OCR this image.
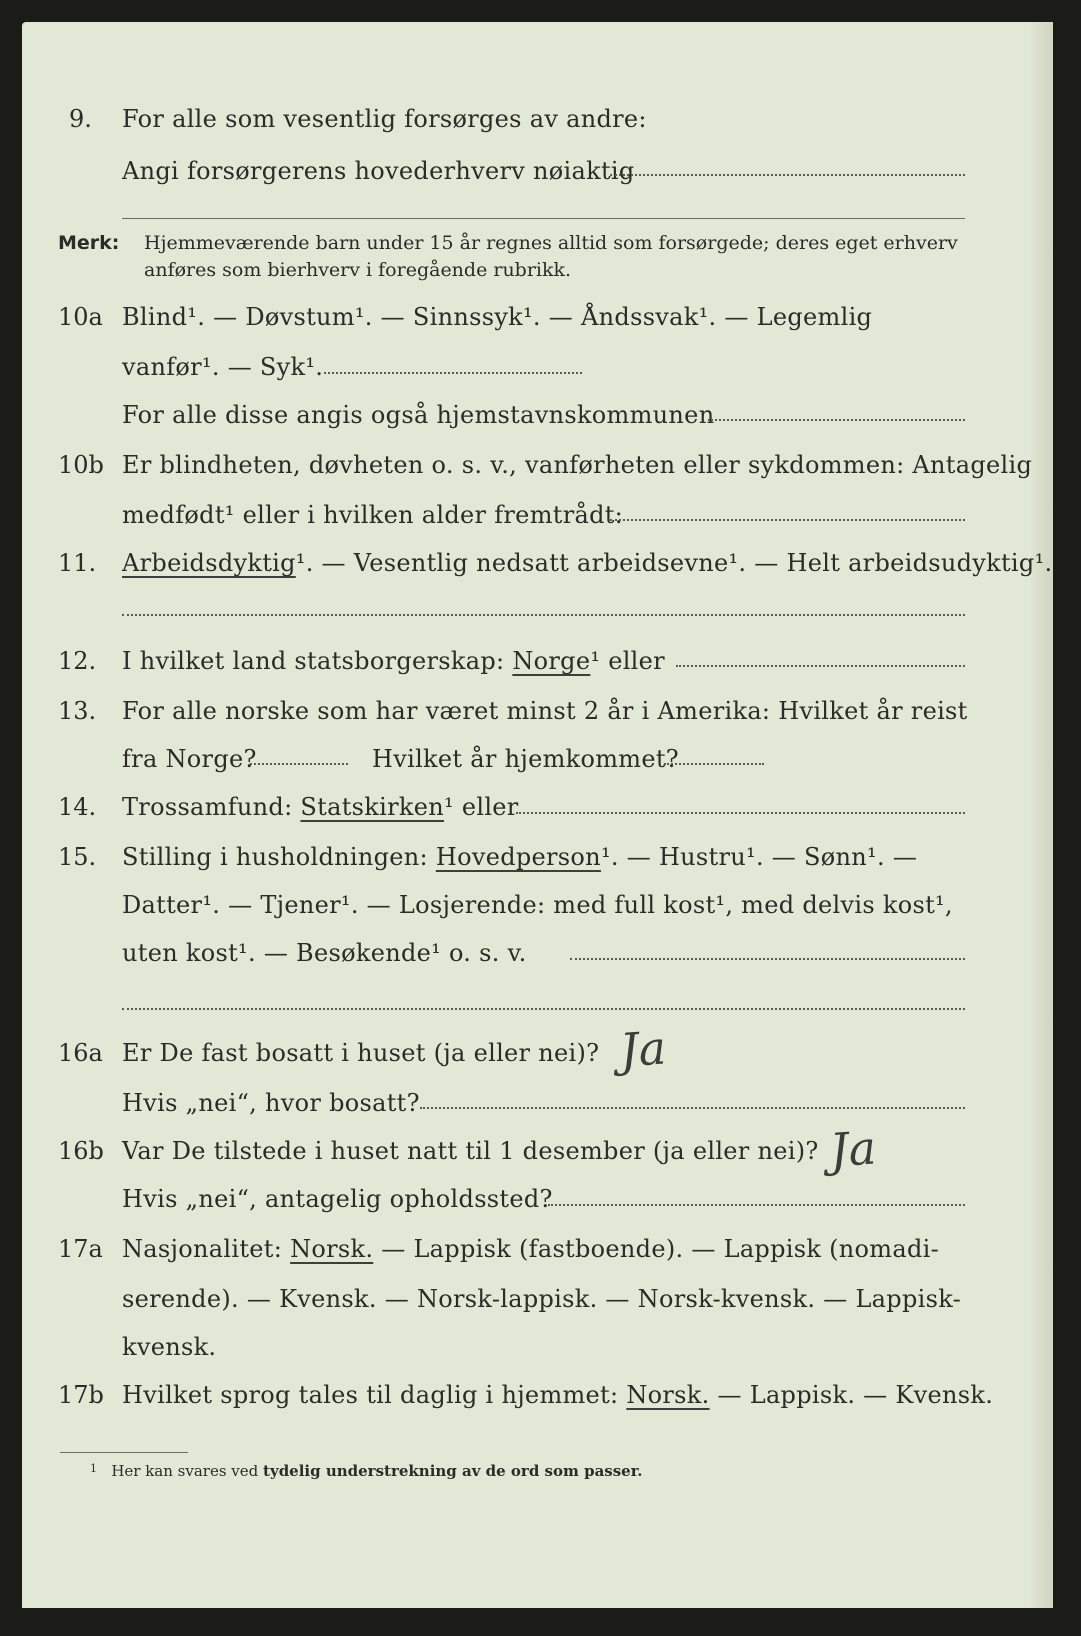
9. For alle som vesentlig forsørges av andre:
Angi forsørgerens hovederhverv nøiaktig
Merk: Hjemmeværende barn under 15 år regnes alltid som forsørgede; deres eget erhverv
anføres som bierhverv i foregående rubrikk.
10a Blind¹. — Døvstum¹. — Sinnssyk¹. — Åndssvak¹. — Legemlig
vanfør¹. — Syk¹.
For alle disse angis også hjemstavnskommunen
10b Er blindheten, døvheten o. s. v., vanførheten eller sykdommen: Antagelig
medfødt¹ eller i hvilken alder fremtrådt:
11. Arbeidsdyktig¹. — Vesentlig nedsatt arbeidsevne¹. — Helt arbeidsudyktig¹.
12. I hvilket land statsborgerskap: Norge¹ eller
13. For alle norske som har været minst 2 år i Amerika: Hvilket år reist
fra Norge?	Hvilket år hjemkommet?
14. Trossamfund: Statskirken¹ eller
15. Stilling i husholdningen: Hovedperson¹. — Hustru¹. — Sønn¹. —
Datter¹. — Tjener¹. — Losjerende: med full kost¹, med delvis kost¹,
uten kost¹. — Besøkende¹ o. s. v.
16a Er De fast bosatt i huset (ja eller nei)? Ja
Hvis „nei“, hvor bosatt?
16b Var De tilstede i huset natt til 1 desember (ja eller nei)? Ja
Hvis „nei“, antagelig opholdssted?
17a Nasjonalitet: Norsk. — Lappisk (fastboende). — Lappisk (nomadi-
serende). — Kvensk. — Norsk-lappisk. — Norsk-kvensk. — Lappisk-
kvensk.
17b Hvilket sprog tales til daglig i hjemmet: Norsk. — Lappisk. — Kvensk.
$^1$ Her kan svares ved tydelig understrekning av de ord som passer.
